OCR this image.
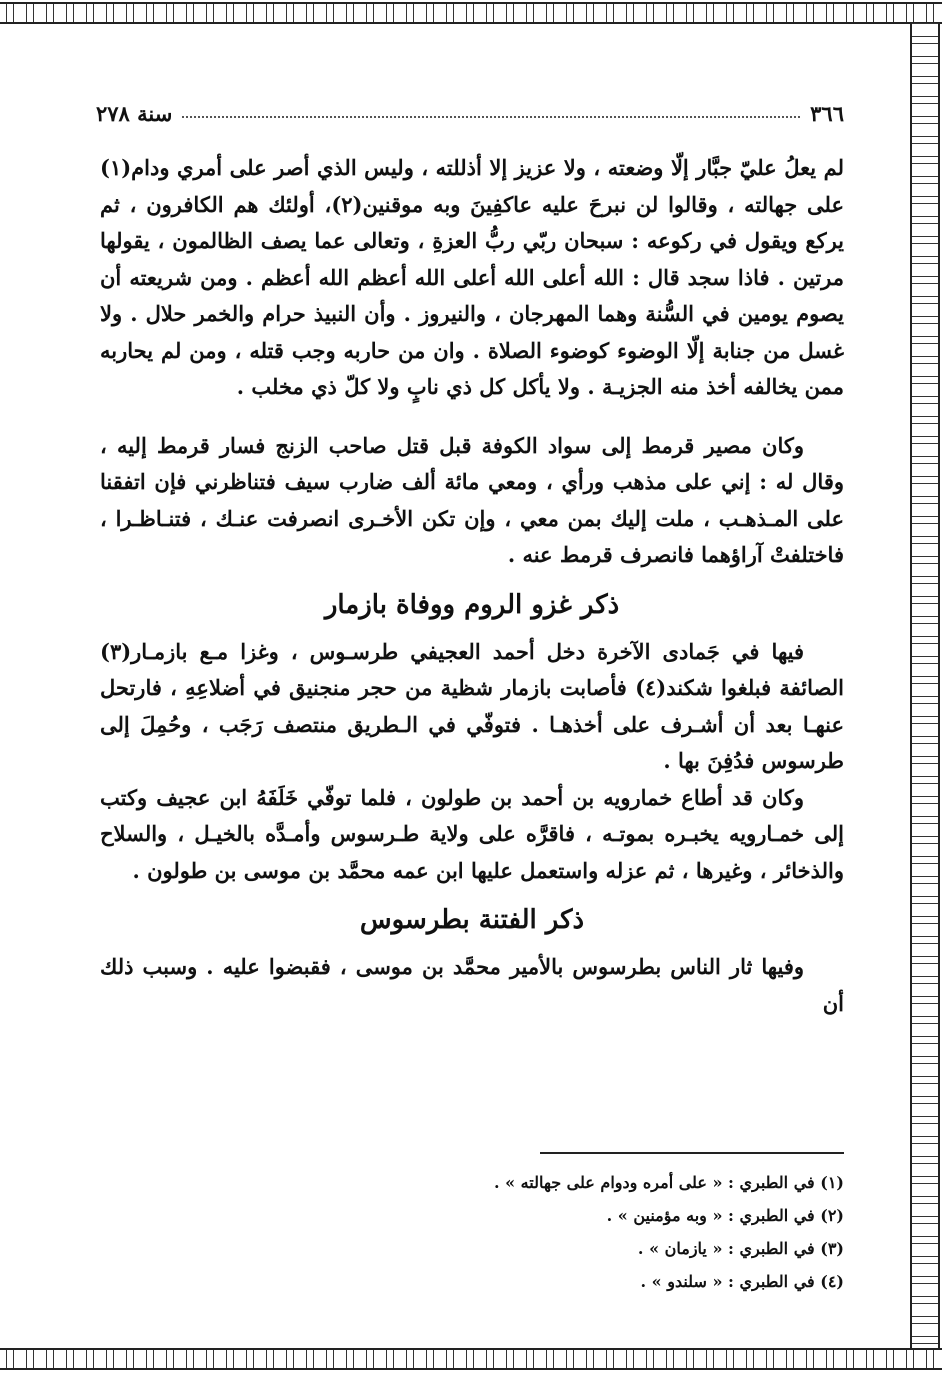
٣٦٦
سنة ٢٧٨

لم يعلُ عليّ جبَّار إلّا وضعته ، ولا عزيز إلا أذللته ، وليس الذي أصر على أمري ودام(١) على جهالته ، وقالوا لن نبرحَ عليه عاكفِينَ وبه موقنين(٢)، أولئك هم الكافرون ، ثم يركع ويقول في ركوعه : سبحان ربّي ربُّ العزةِ ، وتعالى عما يصف الظالمون ، يقولها مرتين . فاذا سجد قال : الله أعلى الله أعلى الله أعظم الله أعظم . ومن شريعته أن يصوم يومين في السُّنة وهما المهرجان ، والنيروز . وأن النبيذ حرام والخمر حلال . ولا غسل من جنابة إلّا الوضوء كوضوء الصلاة . وان من حاربه وجب قتله ، ومن لم يحاربه ممن يخالفه أخذ منه الجزيـة . ولا يأكل كل ذي نابٍ ولا كلّ ذي مخلب .

وكان مصير قرمط إلى سواد الكوفة قبل قتل صاحب الزنج فسار قرمط إليه ، وقال له : إني على مذهب ورأي ، ومعي مائة ألف ضارب سيف فتناظرني فإن اتفقنا على المـذهـب ، ملت إليك بمن معي ، وإن تكن الأخـرى انصرفت عنـك ، فتنـاظـرا ، فاختلفتْ آراؤهما فانصرف قرمط عنه .

ذكر غزو الروم ووفاة بازمار

فيها في جَمادى الآخرة دخل أحمد العجيفي طرسـوس ، وغزا مـع بازمـار(٣) الصائفة فبلغوا شكند(٤) فأصابت بازمار شظية من حجر منجنيق في أضلاعِهِ ، فارتحل عنهـا بعد أن أشـرف على أخذهـا . فتوفّي في الـطريق منتصف رَجَب ، وحُمِلَ إلى طرسوس فدُفِنَ بها .

وكان قد أطاع خمارويه بن أحمد بن طولون ، فلما توفّي خَلَفَهُ ابن عجيف وكتب إلى خمـارويه يخبـره بموتـه ، فاقرَّه على ولاية طـرسوس وأمـدَّه بالخيـل ، والسلاح والذخائر ، وغيرها ، ثم عزله واستعمل عليها ابن عمه محمَّد بن موسى بن طولون .

ذكر الفتنة بطرسوس

وفيها ثار الناس بطرسوس بالأمير محمَّد بن موسى ، فقبضوا عليه . وسبب ذلك أن

(١) في الطبري : « على أمره ودوام على جهالته » .
(٢) في الطبري : « وبه مؤمنين » .
(٣) في الطبري : « يازمان » .
(٤) في الطبري : « سلندو » .
